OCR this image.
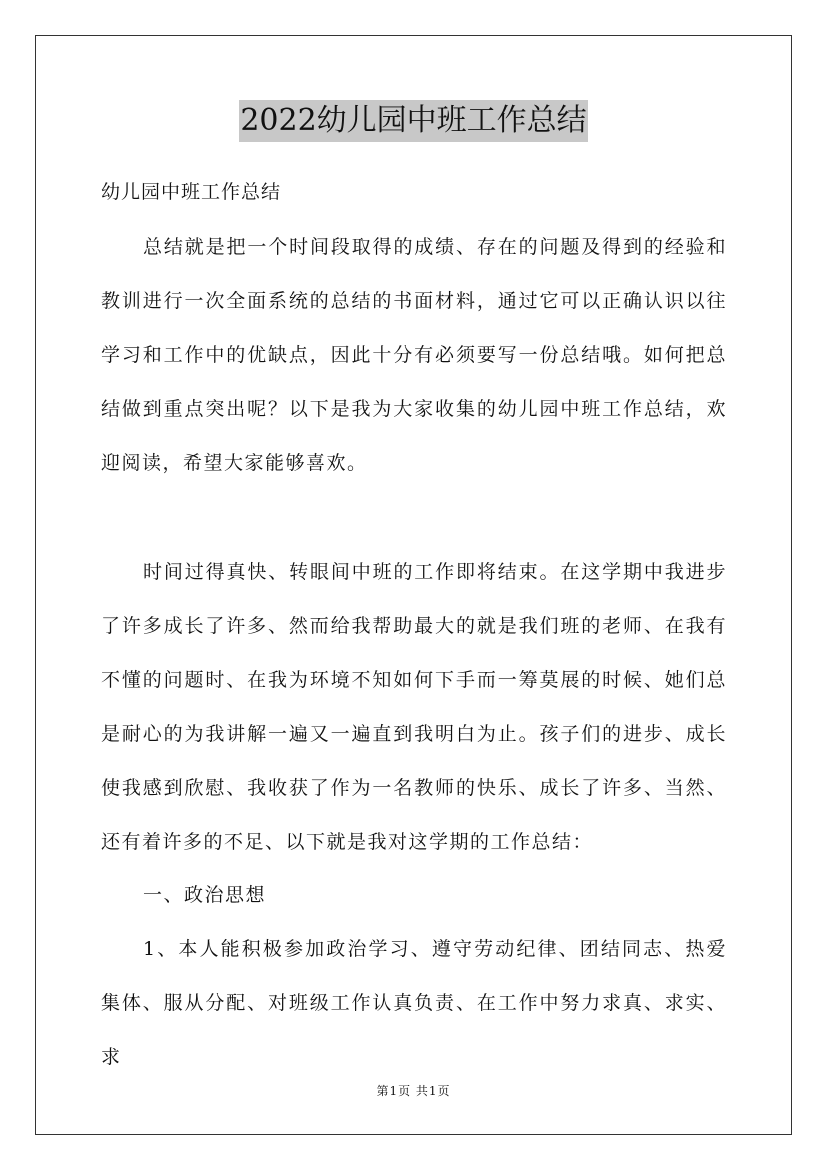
2022幼儿园中班工作总结
幼儿园中班工作总结

总结就是把一个时间段取得的成绩、存在的问题及得到的经验和教训进行一次全面系统的总结的书面材料，通过它可以正确认识以往学习和工作中的优缺点，因此十分有必须要写一份总结哦。如何把总结做到重点突出呢？以下是我为大家收集的幼儿园中班工作总结，欢迎阅读，希望大家能够喜欢。

时间过得真快、转眼间中班的工作即将结束。在这学期中我进步了许多成长了许多、然而给我帮助最大的就是我们班的老师、在我有不懂的问题时、在我为环境不知如何下手而一筹莫展的时候、她们总是耐心的为我讲解一遍又一遍直到我明白为止。孩子们的进步、成长使我感到欣慰、我收获了作为一名教师的快乐、成长了许多、当然、还有着许多的不足、以下就是我对这学期的工作总结：

一、政治思想

1、本人能积极参加政治学习、遵守劳动纪律、团结同志、热爱集体、服从分配、对班级工作认真负责、在工作中努力求真、求实、求

第1页 共1页
